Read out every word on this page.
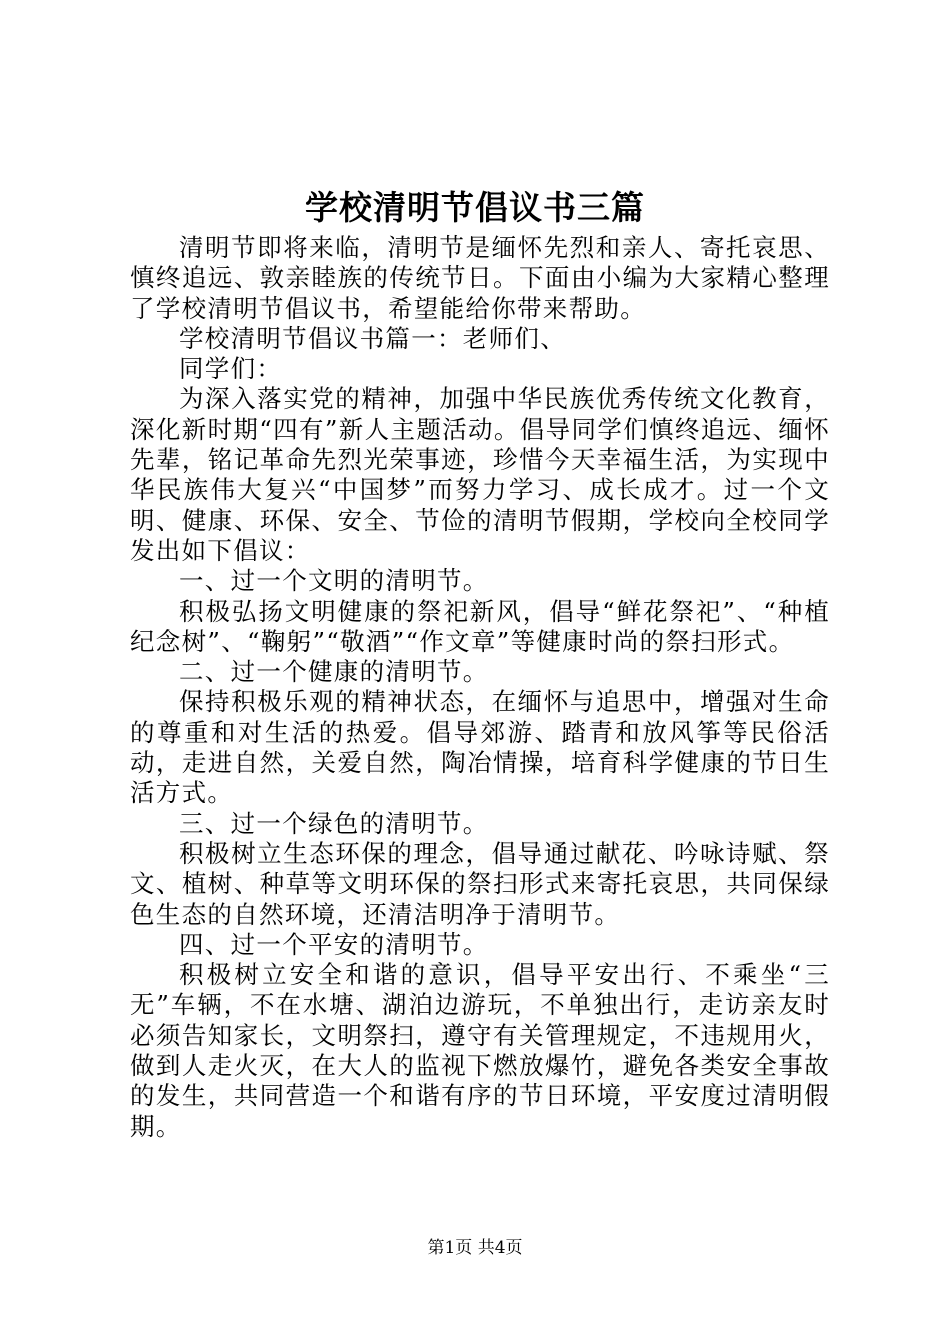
学校清明节倡议书三篇

清明节即将来临，清明节是缅怀先烈和亲人、寄托哀思、慎终追远、敦亲睦族的传统节日。下面由小编为大家精心整理了学校清明节倡议书，希望能给你带来帮助。

学校清明节倡议书篇一：老师们、

同学们：

为深入落实党的精神，加强中华民族优秀传统文化教育，深化新时期“四有”新人主题活动。倡导同学们慎终追远、缅怀先辈，铭记革命先烈光荣事迹，珍惜今天幸福生活，为实现中华民族伟大复兴“中国梦”而努力学习、成长成才。过一个文明、健康、环保、安全、节俭的清明节假期，学校向全校同学发出如下倡议：

一、过一个文明的清明节。

积极弘扬文明健康的祭祀新风，倡导“鲜花祭祀”、“种植纪念树”、“鞠躬”“敬酒”“作文章”等健康时尚的祭扫形式。

二、过一个健康的清明节。

保持积极乐观的精神状态，在缅怀与追思中，增强对生命的尊重和对生活的热爱。倡导郊游、踏青和放风筝等民俗活动，走进自然，关爱自然，陶冶情操，培育科学健康的节日生活方式。

三、过一个绿色的清明节。

积极树立生态环保的理念，倡导通过献花、吟咏诗赋、祭文、植树、种草等文明环保的祭扫形式来寄托哀思，共同保绿色生态的自然环境，还清洁明净于清明节。

四、过一个平安的清明节。

积极树立安全和谐的意识，倡导平安出行、不乘坐“三无”车辆，不在水塘、湖泊边游玩，不单独出行，走访亲友时必须告知家长，文明祭扫，遵守有关管理规定，不违规用火，做到人走火灭，在大人的监视下燃放爆竹，避免各类安全事故的发生，共同营造一个和谐有序的节日环境，平安度过清明假期。

第1页 共4页
